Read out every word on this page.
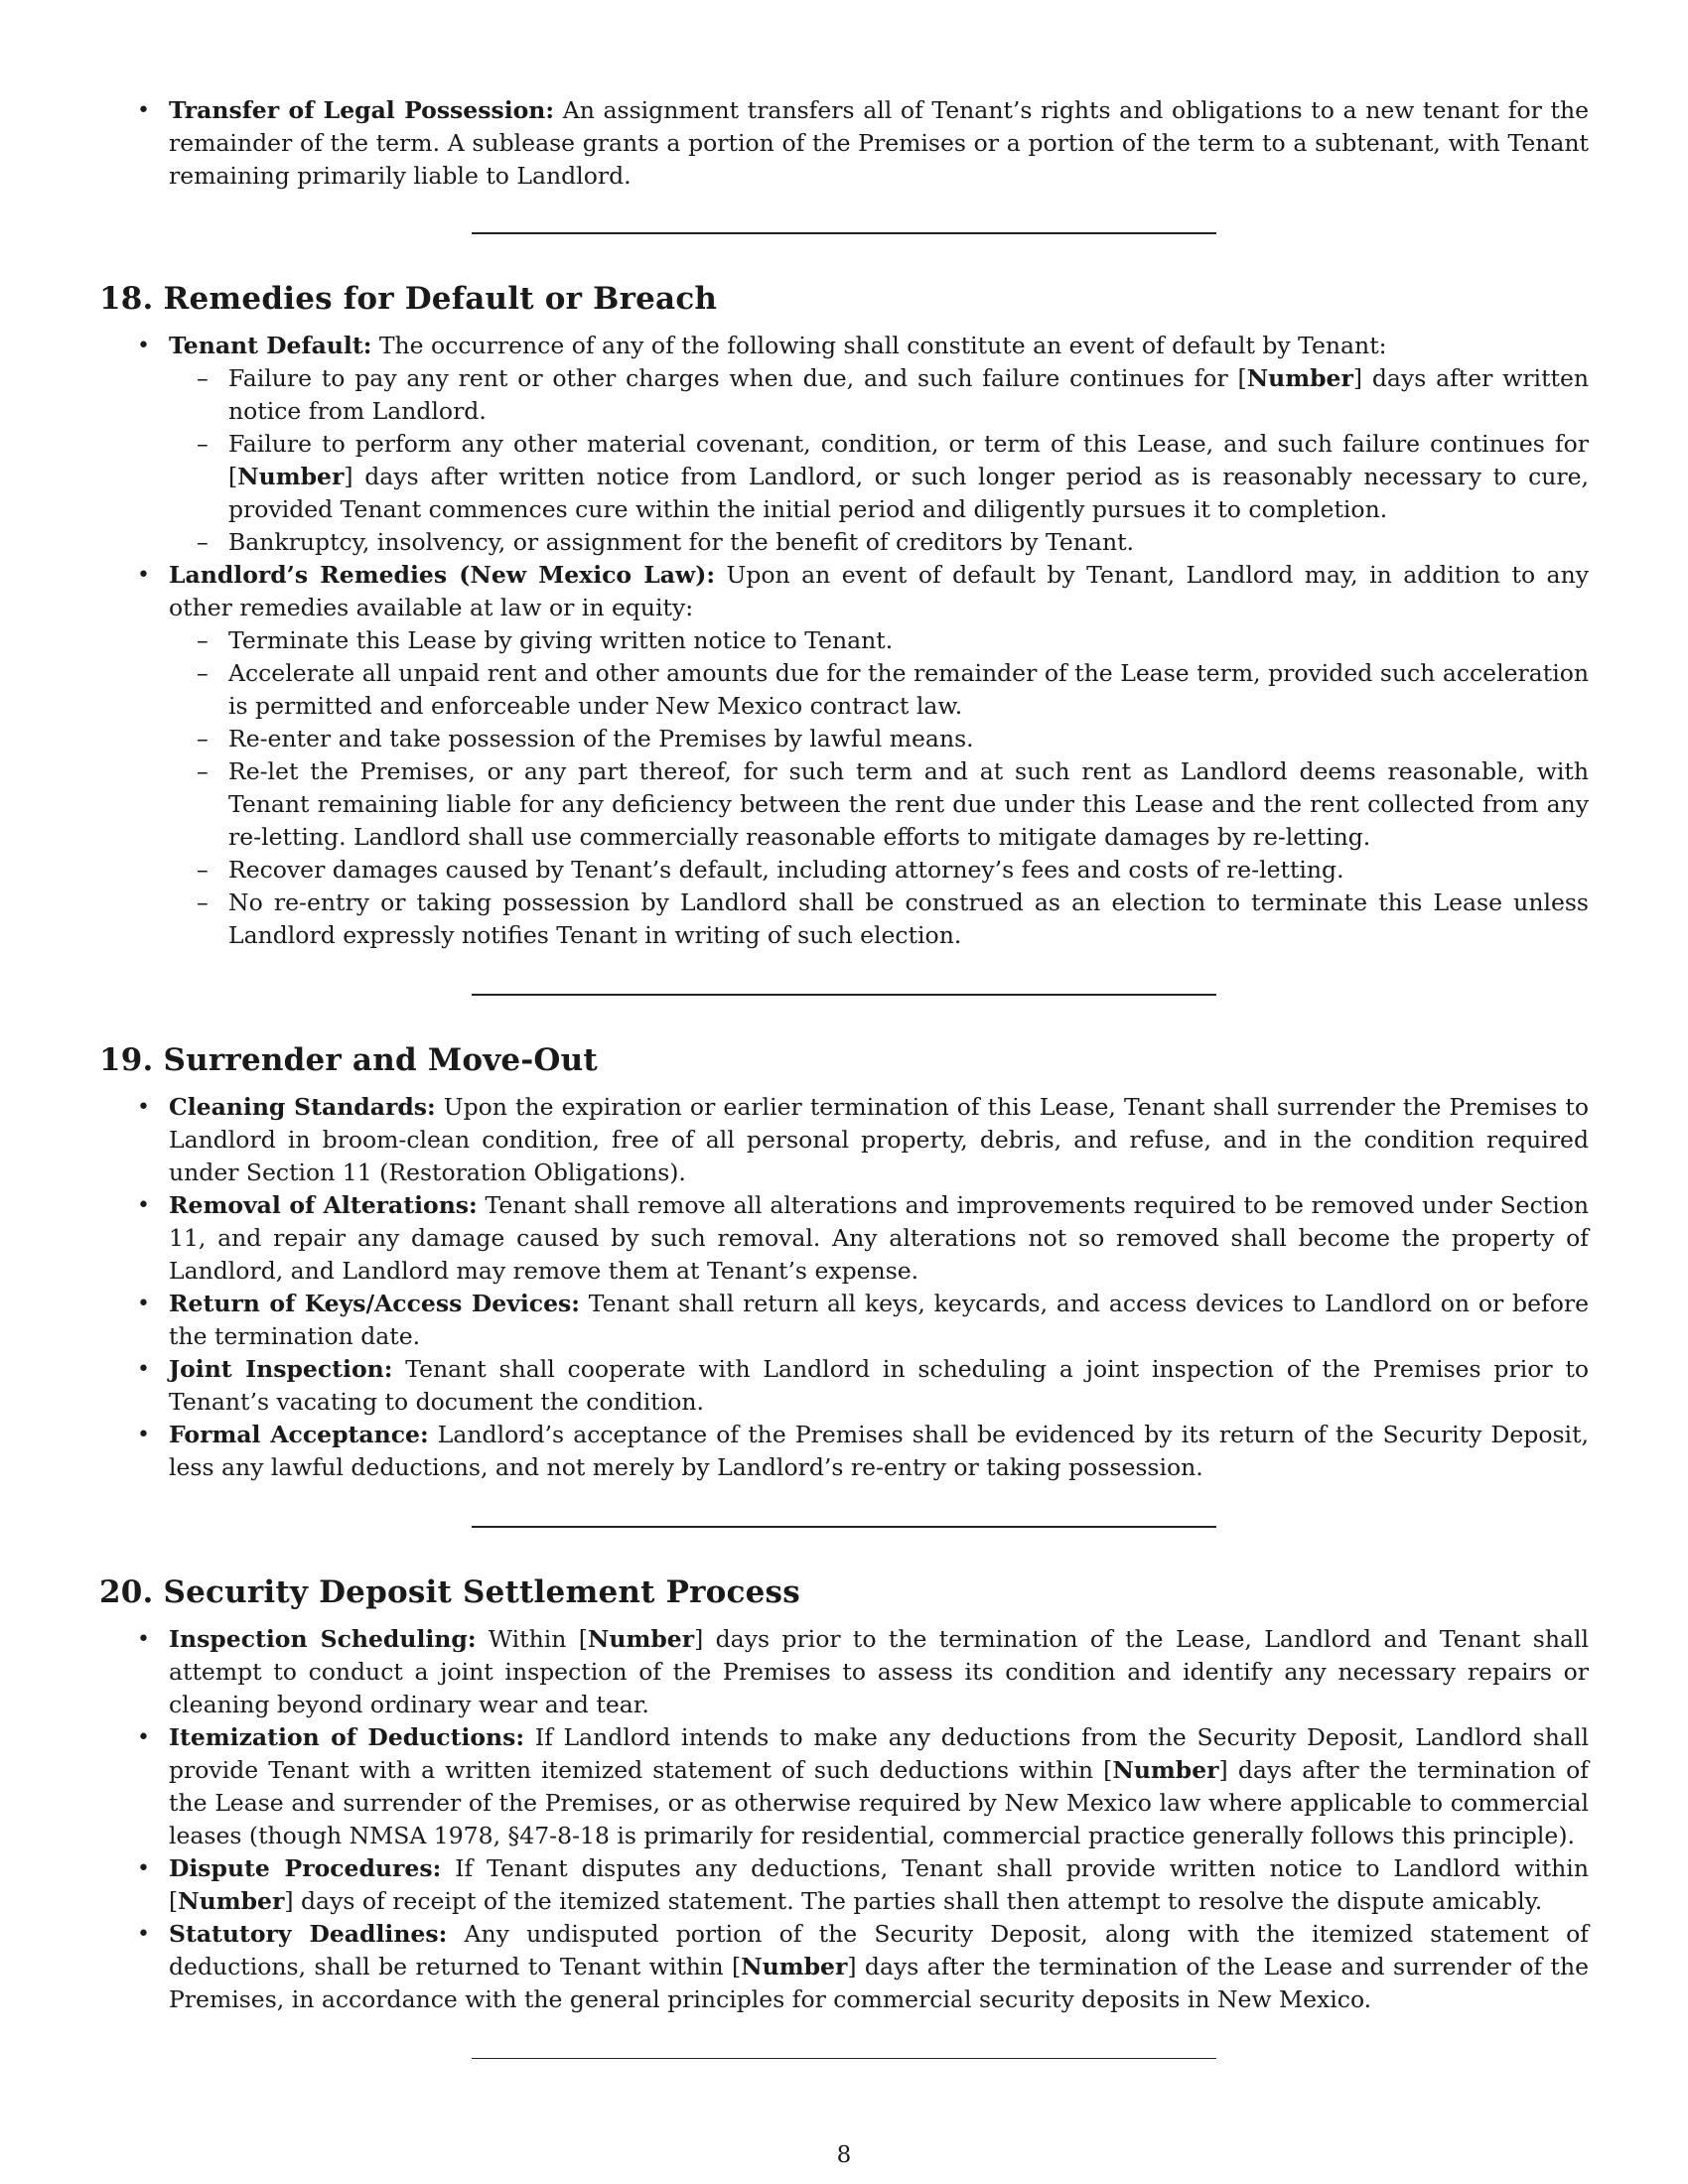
• Transfer of Legal Possession: An assignment transfers all of Tenant’s rights and obligations to a new tenant for the remainder of the term. A sublease grants a portion of the Premises or a portion of the term to a subtenant, with Tenant remaining primarily liable to Landlord.
18. Remedies for Default or Breach
• Tenant Default: The occurrence of any of the following shall constitute an event of default by Tenant:
– Failure to pay any rent or other charges when due, and such failure continues for [Number] days after written notice from Landlord.
– Failure to perform any other material covenant, condition, or term of this Lease, and such failure continues for [Number] days after written notice from Landlord, or such longer period as is reasonably necessary to cure, provided Tenant commences cure within the initial period and diligently pursues it to completion.
– Bankruptcy, insolvency, or assignment for the benefit of creditors by Tenant.
• Landlord’s Remedies (New Mexico Law): Upon an event of default by Tenant, Landlord may, in addition to any other remedies available at law or in equity:
– Terminate this Lease by giving written notice to Tenant.
– Accelerate all unpaid rent and other amounts due for the remainder of the Lease term, provided such acceleration is permitted and enforceable under New Mexico contract law.
– Re-enter and take possession of the Premises by lawful means.
– Re-let the Premises, or any part thereof, for such term and at such rent as Landlord deems reasonable, with Tenant remaining liable for any deficiency between the rent due under this Lease and the rent collected from any re-letting. Landlord shall use commercially reasonable efforts to mitigate damages by re-letting.
– Recover damages caused by Tenant’s default, including attorney’s fees and costs of re-letting.
– No re-entry or taking possession by Landlord shall be construed as an election to terminate this Lease unless Landlord expressly notifies Tenant in writing of such election.
19. Surrender and Move-Out
• Cleaning Standards: Upon the expiration or earlier termination of this Lease, Tenant shall surrender the Premises to Landlord in broom-clean condition, free of all personal property, debris, and refuse, and in the condition required under Section 11 (Restoration Obligations).
• Removal of Alterations: Tenant shall remove all alterations and improvements required to be removed under Section 11, and repair any damage caused by such removal. Any alterations not so removed shall become the property of Landlord, and Landlord may remove them at Tenant’s expense.
• Return of Keys/Access Devices: Tenant shall return all keys, keycards, and access devices to Landlord on or before the termination date.
• Joint Inspection: Tenant shall cooperate with Landlord in scheduling a joint inspection of the Premises prior to Tenant’s vacating to document the condition.
• Formal Acceptance: Landlord’s acceptance of the Premises shall be evidenced by its return of the Security Deposit, less any lawful deductions, and not merely by Landlord’s re-entry or taking possession.
20. Security Deposit Settlement Process
• Inspection Scheduling: Within [Number] days prior to the termination of the Lease, Landlord and Tenant shall attempt to conduct a joint inspection of the Premises to assess its condition and identify any necessary repairs or cleaning beyond ordinary wear and tear.
• Itemization of Deductions: If Landlord intends to make any deductions from the Security Deposit, Landlord shall provide Tenant with a written itemized statement of such deductions within [Number] days after the termination of the Lease and surrender of the Premises, or as otherwise required by New Mexico law where applicable to commercial leases (though NMSA 1978, §47-8-18 is primarily for residential, commercial practice generally follows this principle).
• Dispute Procedures: If Tenant disputes any deductions, Tenant shall provide written notice to Landlord within [Number] days of receipt of the itemized statement. The parties shall then attempt to resolve the dispute amicably.
• Statutory Deadlines: Any undisputed portion of the Security Deposit, along with the itemized statement of deductions, shall be returned to Tenant within [Number] days after the termination of the Lease and surrender of the Premises, in accordance with the general principles for commercial security deposits in New Mexico.
8
